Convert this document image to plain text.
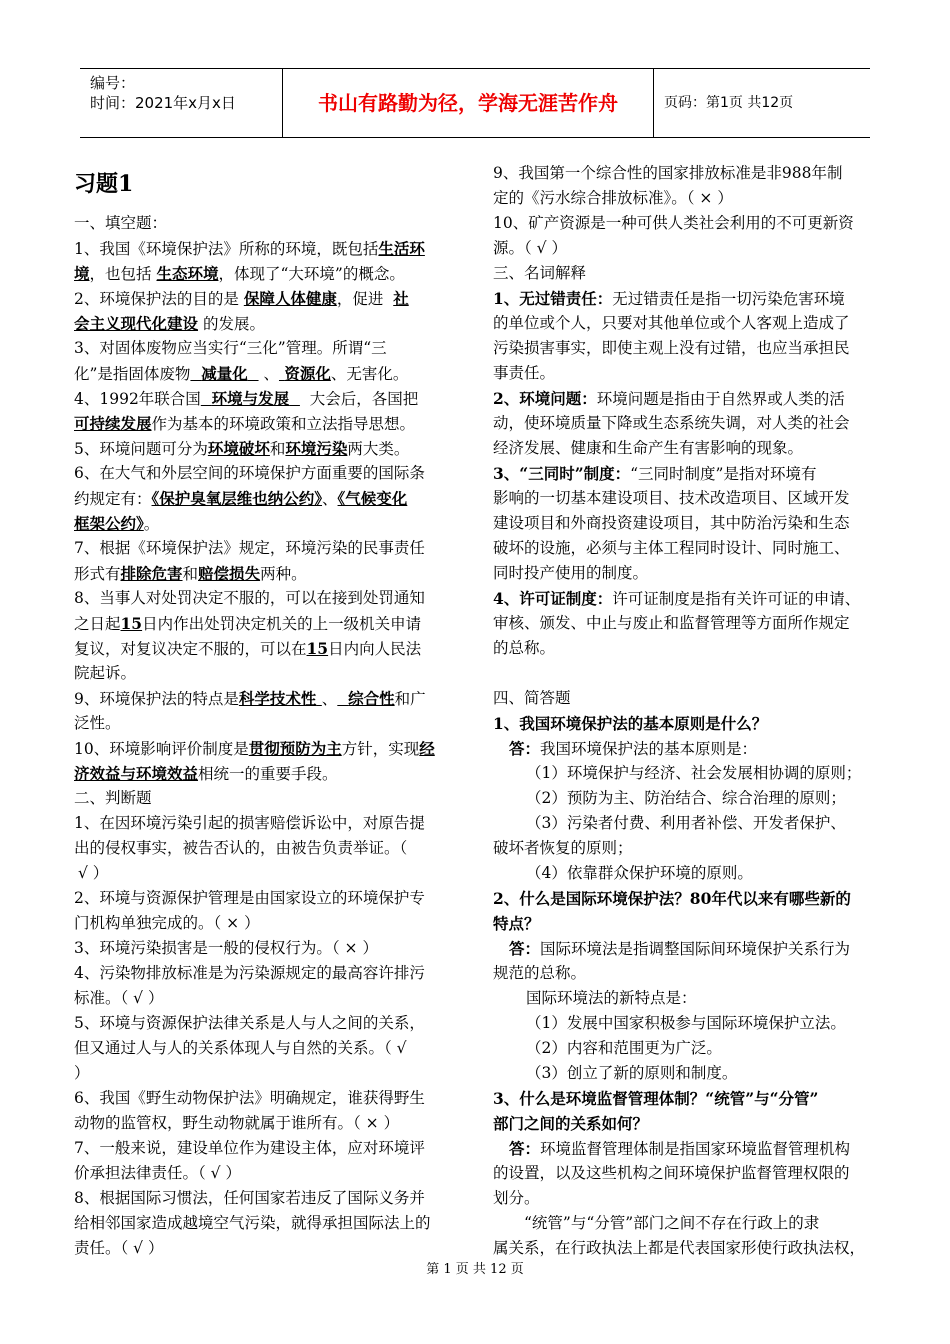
编号：
时间：2021年x月x日	书山有路勤为径，学海无涯苦作舟	页码：第1页 共12页
习题1
一、填空题：
1、我国《环境保护法》所称的环境，既包括生活环
境，也包括 生态环境，体现了“大环境”的概念。
2、环境保护法的目的是 保障人体健康，促进 社
会主义现代化建设 的发展。
3、对固体废物应当实行“三化”管理。所谓“三
化”是指固体废物 减量化   、 资源化、无害化。
4、1992年联合国 环境与发展 大会后，各国把
可持续发展作为基本的环境政策和立法指导思想。
5、环境问题可分为环境破坏和环境污染两大类。
6、在大气和外层空间的环境保护方面重要的国际条
约规定有：《保护臭氧层维也纳公约》、《气候变化
框架公约》。
7、根据《环境保护法》规定，环境污染的民事责任
形式有排除危害和赔偿损失两种。
8、当事人对处罚决定不服的，可以在接到处罚通知
之日起15日内作出处罚决定机关的上一级机关申请
复议，对复议决定不服的，可以在15日内向人民法
院起诉。
9、环境保护法的特点是科学技术性 、 综合性和广
泛性。
10、环境影响评价制度是贯彻预防为主方针，实现经
济效益与环境效益相统一的重要手段。
二、判断题
1、在因环境污染引起的损害赔偿诉讼中，对原告提
出的侵权事实，被告否认的，由被告负责举证。（
√ ）
2、环境与资源保护管理是由国家设立的环境保护专
门机构单独完成的。（ × ）
3、环境污染损害是一般的侵权行为。（ × ）
4、污染物排放标准是为污染源规定的最高容许排污
标准。（ √ ）
5、环境与资源保护法律关系是人与人之间的关系，
但又通过人与人的关系体现人与自然的关系。（ √
）
6、我国《野生动物保护法》明确规定，谁获得野生
动物的监管权，野生动物就属于谁所有。（ × ）
7、一般来说，建设单位作为建设主体，应对环境评
价承担法律责任。（ √ ）
8、根据国际习惯法，任何国家若违反了国际义务并
给相邻国家造成越境空气污染，就得承担国际法上的
责任。（ √ ）
9、我国第一个综合性的国家排放标准是非988年制
定的《污水综合排放标准》。（ × ）
10、矿产资源是一种可供人类社会利用的不可更新资
源。（ √ ）
三、名词解释
1、无过错责任：无过错责任是指一切污染危害环境
的单位或个人，只要对其他单位或个人客观上造成了
污染损害事实，即使主观上没有过错，也应当承担民
事责任。
2、环境问题：环境问题是指由于自然界或人类的活
动，使环境质量下降或生态系统失调，对人类的社会
经济发展、健康和生命产生有害影响的现象。
3、“三同时”制度：“三同时制度”是指对环境有
影响的一切基本建设项目、技术改造项目、区域开发
建设项目和外商投资建设项目，其中防治污染和生态
破坏的设施，必须与主体工程同时设计、同时施工、
同时投产使用的制度。
4、许可证制度：许可证制度是指有关许可证的申请、
审核、颁发、中止与废止和监督管理等方面所作规定
的总称。
四、简答题
1、我国环境保护法的基本原则是什么？
答：我国环境保护法的基本原则是：
（1）环境保护与经济、社会发展相协调的原则；
（2）预防为主、防治结合、综合治理的原则；
（3）污染者付费、利用者补偿、开发者保护、
破坏者恢复的原则；
（4）依靠群众保护环境的原则。
2、什么是国际环境保护法？80年代以来有哪些新的
特点？
答：国际环境法是指调整国际间环境保护关系行为
规范的总称。
国际环境法的新特点是：
（1）发展中国家积极参与国际环境保护立法。
（2）内容和范围更为广泛。
（3）创立了新的原则和制度。
3、什么是环境监督管理体制？“统管”与“分管”
部门之间的关系如何？
答：环境监督管理体制是指国家环境监督管理机构
的设置，以及这些机构之间环境保护监督管理权限的
划分。
“统管”与“分管”部门之间不存在行政上的隶
属关系，在行政执法上都是代表国家形使行政执法权，
第 1 页 共 12 页
